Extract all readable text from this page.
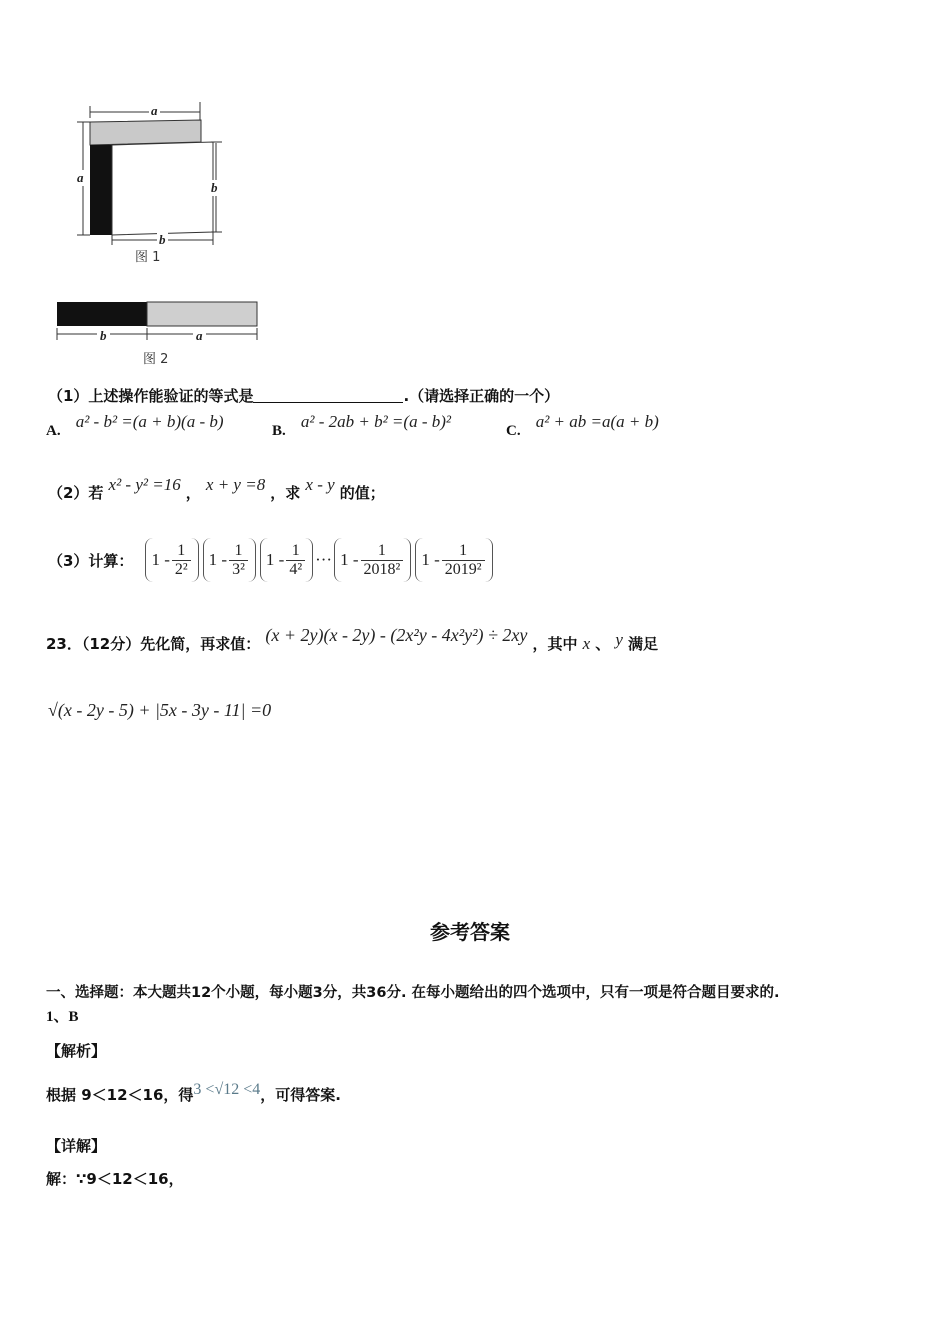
a
a
b
b
图 1
b	a
图 2
（1）上述操作能验证的等式是	.（请选择正确的一个）
A. a² - b² =(a + b)(a - b)	B. a² - 2ab + b² =(a - b)²	C. a² + ab =a(a + b)
（2）若 x² - y² =16 ， x + y =8 ，求 x - y 的值；
（3）计算： $1 - \frac{1}{\text{2²}} 1 - \frac{1}{\text{3²}} 1 - \frac{1}{\text{4²}}$ ··· $1 - \frac{1}{\text{2018²}} 1 - \frac{1}{\text{2019²}}$
23．（12分）先化简，再求值： (x + 2y)(x - 2y) - (2x²y - 4x²y²) ÷ 2xy ，其中 x 、 y 满足
√(x - 2y - 5) + |5x - 3y - 11| =0
参考答案
一、选择题：本大题共12个小题，每小题3分，共36分. 在每小题给出的四个选项中，只有一项是符合题目要求的.
1、B
【解析】
根据 9＜12＜16，得3 <√12 <4，可得答案.
【详解】
解：∵9＜12＜16，
